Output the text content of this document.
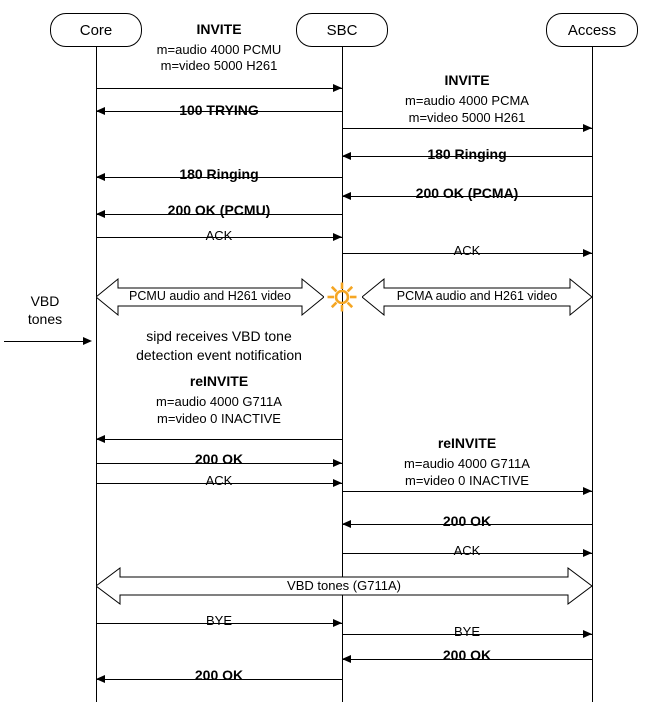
Core	SBC	Access
INVITE
m=audio 4000 PCMU
m=video 5000 H261
INVITE
m=audio 4000 PCMA
m=video 5000 H261
100 TRYING
180 Ringing
180 Ringing
200 OK (PCMA)
200 OK (PCMU)
ACK
ACK
PCMU audio and H261 video	PCMA audio and H261 video
VBD
tones
sipd receives VBD tone
detection event notification
reINVITE
m=audio 4000 G711A
m=video 0 INACTIVE
reINVITE
m=audio 4000 G711A
m=video 0 INACTIVE
200 OK
ACK
200 OK
ACK
VBD tones (G711A)
BYE
BYE
200 OK
200 OK
